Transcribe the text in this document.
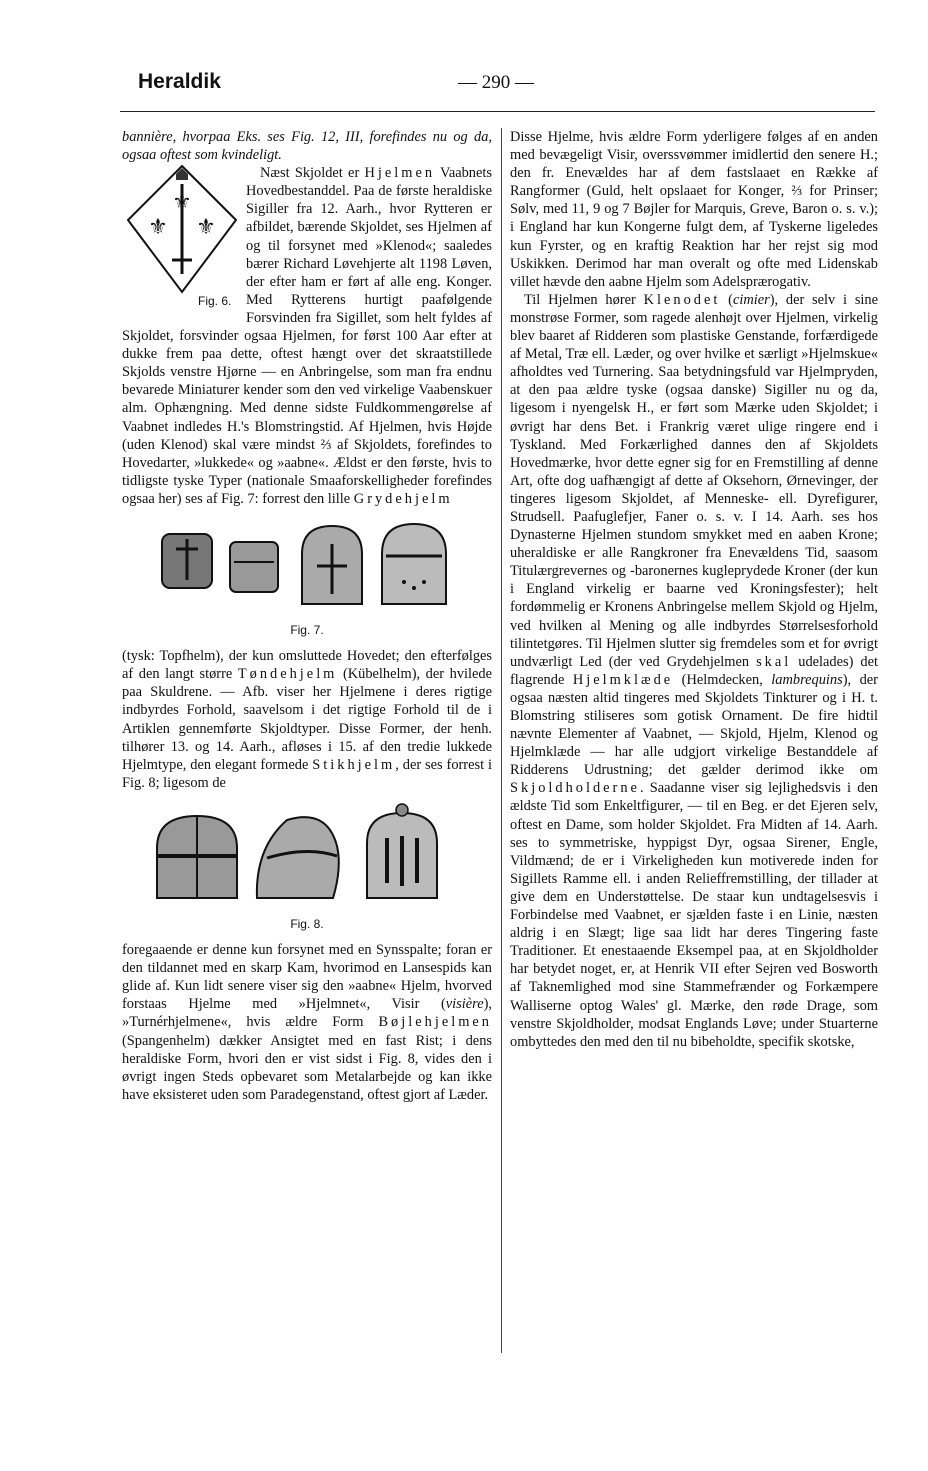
Heraldik	— 290 —

bannière, hvorpaa Eks. ses Fig. 12, III, forefindes nu og da, ogsaa oftest som kvindeligt.

Næst Skjoldet er Hjelmen
⚜
⚜ ⚜
Fig. 6.
Vaabnets Hovedbestanddel. Paa de første heraldiske Sigiller fra 12. Aarh., hvor Rytteren er afbildet, bærende Skjoldet, ses Hjelmen af og til forsynet med »Klenod«; saaledes bærer Richard Løvehjerte alt 1198 Løven, der efter ham er ført af alle eng. Konger. Med Rytterens hurtigt paafølgende Forsvinden fra Sigillet, som helt fyldes af Skjoldet, forsvinder ogsaa Hjelmen, for først 100 Aar efter at dukke frem paa dette, oftest hængt over det skraatstillede Skjolds venstre Hjørne — en Anbringelse, som man fra endnu bevarede Miniaturer kender som den ved virkelige Vaabenskuer alm. Ophængning. Med denne sidste Fuldkommengørelse af Vaabnet indledes H.'s Blomstringstid. Af Hjelmen, hvis Højde (uden Klenod) skal være mindst ⅔ af Skjoldets, forefindes to Hovedarter, »lukkede« og »aabne«. Ældst er den første, hvis to tidligste tyske Typer (nationale Smaaforskelligheder forefindes ogsaa her) ses af Fig. 7: forrest den lille Grydehjelm

Fig. 7.

(tysk: Topfhelm), der kun omsluttede Hovedet; den efterfølges af den langt større Tøndehjelm (Kübelhelm), der hvilede paa Skuldrene. — Afb. viser her Hjelmene i deres rigtige indbyrdes Forhold, saavelsom i det rigtige Forhold til de i Artiklen gennemførte Skjoldtyper. Disse Former, der henh. tilhører 13. og 14. Aarh., afløses i 15. af den tredie lukkede Hjelmtype, den elegant formede Stikhjelm, der ses forrest i Fig. 8; ligesom de

Fig. 8.

foregaaende er denne kun forsynet med en Synsspalte; foran er den tildannet med en skarp Kam, hvorimod en Lansespids kan glide af. Kun lidt senere viser sig den »aabne« Hjelm, hvorved forstaas Hjelme med »Hjelmnet«, Visir (visière), »Turnérhjelmene«, hvis ældre Form Bøjlehjelmen (Spangenhelm) dækker Ansigtet med en fast Rist; i dens heraldiske Form, hvori den er vist sidst i Fig. 8, vides den i øvrigt ingen Steds opbevaret som Metalarbejde og kan ikke have eksisteret uden som Paradegenstand, oftest gjort af Læder.

Disse Hjelme, hvis ældre Form yderligere følges af en anden med bevægeligt Visir, overssvømmer imidlertid den senere H.; den fr. Enevældes har af dem fastslaaet en Række af Rangformer (Guld, helt opslaaet for Konger, ⅔ for Prinser; Sølv, med 11, 9 og 7 Bøjler for Marquis, Greve, Baron o. s. v.); i England har kun Kongerne fulgt dem, af Tyskerne ligeledes kun Fyrster, og en kraftig Reaktion har her rejst sig mod Uskikken. Derimod har man overalt og ofte med Lidenskab villet hævde den aabne Hjelm som Adelsprærogativ.

Til Hjelmen hører Klenodet (cimier), der selv i sine monstrøse Former, som ragede alenhøjt over Hjelmen, virkelig blev baaret af Ridderen som plastiske Genstande, forfærdigede af Metal, Træ ell. Læder, og over hvilke et særligt »Hjelmskue« afholdtes ved Turnering. Saa betydningsfuld var Hjelmpryden, at den paa ældre tyske (ogsaa danske) Sigiller nu og da, ligesom i nyengelsk H., er ført som Mærke uden Skjoldet; i øvrigt har dens Bet. i Frankrig været ulige ringere end i Tyskland. Med Forkærlighed dannes den af Skjoldets Hovedmærke, hvor dette egner sig for en Fremstilling af denne Art, ofte dog uafhængigt af dette af Oksehorn, Ørnevinger, der tingeres ligesom Skjoldet, af Menneske- ell. Dyrefigurer, Strudsell. Paafuglefjer, Faner o. s. v. I 14. Aarh. ses hos Dynasterne Hjelmen stundom smykket med en aaben Krone; uheraldiske er alle Rangkroner fra Enevældens Tid, saasom Titulærgrevernes og -baronernes kugleprydede Kroner (der kun i England virkelig er baarne ved Kroningsfester); helt fordømmelig er Kronens Anbringelse mellem Skjold og Hjelm, ved hvilken al Mening og alle indbyrdes Størrelsesforhold tilintetgøres. Til Hjelmen slutter sig fremdeles som et for øvrigt undværligt Led (der ved Grydehjelmen skal udelades) det flagrende Hjelmklæde (Helmdecken, lambrequins), der ogsaa næsten altid tingeres med Skjoldets Tinkturer og i H. t. Blomstring stiliseres som gotisk Ornament. De fire hidtil nævnte Elementer af Vaabnet, — Skjold, Hjelm, Klenod og Hjelmklæde — har alle udgjort virkelige Bestanddele af Ridderens Udrustning; det gælder derimod ikke om Skjoldholderne. Saadanne viser sig lejlighedsvis i den ældste Tid som Enkeltfigurer, — til en Beg. er det Ejeren selv, oftest en Dame, som holder Skjoldet. Fra Midten af 14. Aarh. ses to symmetriske, hyppigst Dyr, ogsaa Sirener, Engle, Vildmænd; de er i Virkeligheden kun motiverede inden for Sigillets Ramme ell. i anden Relieffremstilling, der tillader at give dem en Understøttelse. De staar kun undtagelsesvis i Forbindelse med Vaabnet, er sjælden faste i en Linie, næsten aldrig i en Slægt; lige saa lidt har deres Tingering faste Traditioner. Et enestaaende Eksempel paa, at en Skjoldholder har betydet noget, er, at Henrik VII efter Sejren ved Bosworth af Taknemlighed mod sine Stammefrænder og Forkæmpere Walliserne optog Wales' gl. Mærke, den røde Drage, som venstre Skjoldholder, modsat Englands Løve; under Stuarterne ombyttedes den med den til nu bibeholdte, specifik skotske,
